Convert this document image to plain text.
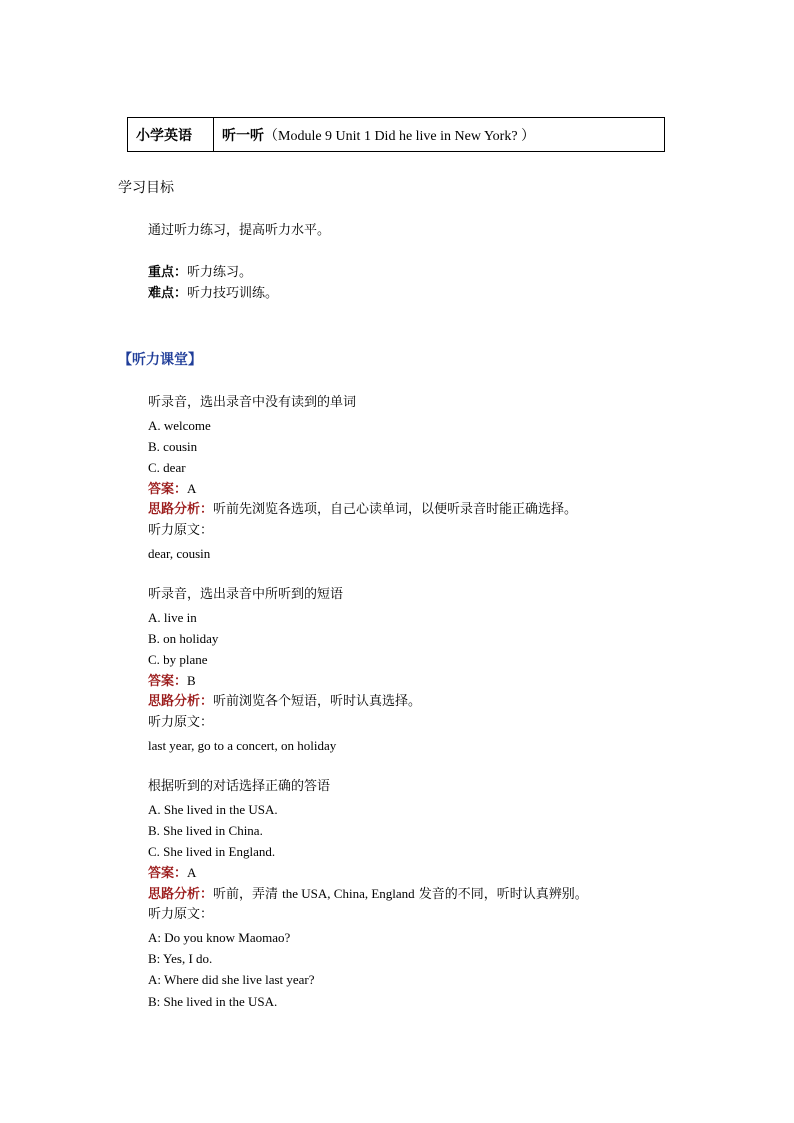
小学英语	听一听 （Module 9 Unit 1 Did he live in New York? ）
学习目标
通过听力练习，提高听力水平。
重点：听力练习。
难点：听力技巧训练。
【听力课堂】
听录音，选出录音中没有读到的单词
A. welcome
B. cousin
C. dear
答案：A
思路分析：听前先浏览各选项，自己心读单词，以便听录音时能正确选择。
听力原文：
dear, cousin
听录音，选出录音中所听到的短语
A. live in
B. on holiday
C. by plane
答案：B
思路分析：听前浏览各个短语，听时认真选择。
听力原文：
last year, go to a concert, on holiday
根据听到的对话选择正确的答语
A. She lived in the USA.
B. She lived in China.
C. She lived in England.
答案：A
思路分析：听前，弄清 the USA, China, England 发音的不同，听时认真辨别。
听力原文：
A: Do you know Maomao?
B: Yes, I do.
A: Where did she live last year?
B: She lived in the USA.
